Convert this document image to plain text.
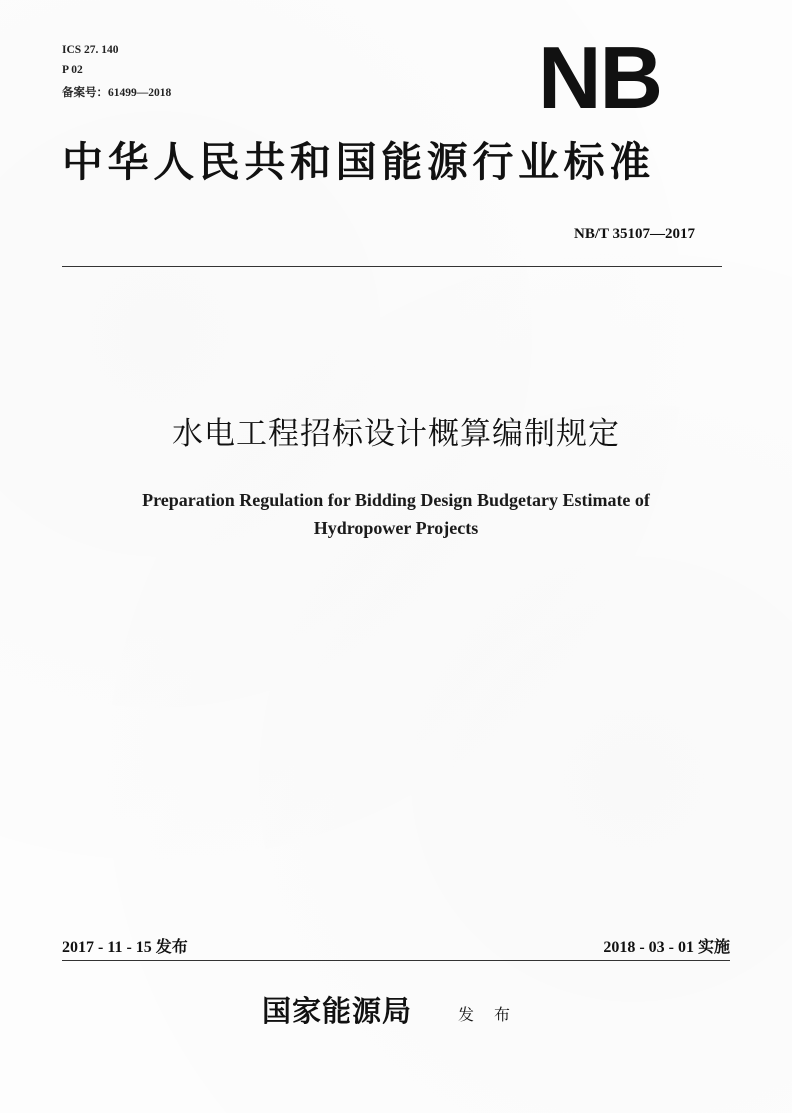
ICS 27. 140
P 02
备案号：61499—2018	NB
中华人民共和国能源行业标准
NB/T 35107—2017
水电工程招标设计概算编制规定
Preparation Regulation for Bidding Design Budgetary Estimate of
Hydropower Projects
2017 - 11 - 15 发布	2018 - 03 - 01 实施
国家能源局	发布
